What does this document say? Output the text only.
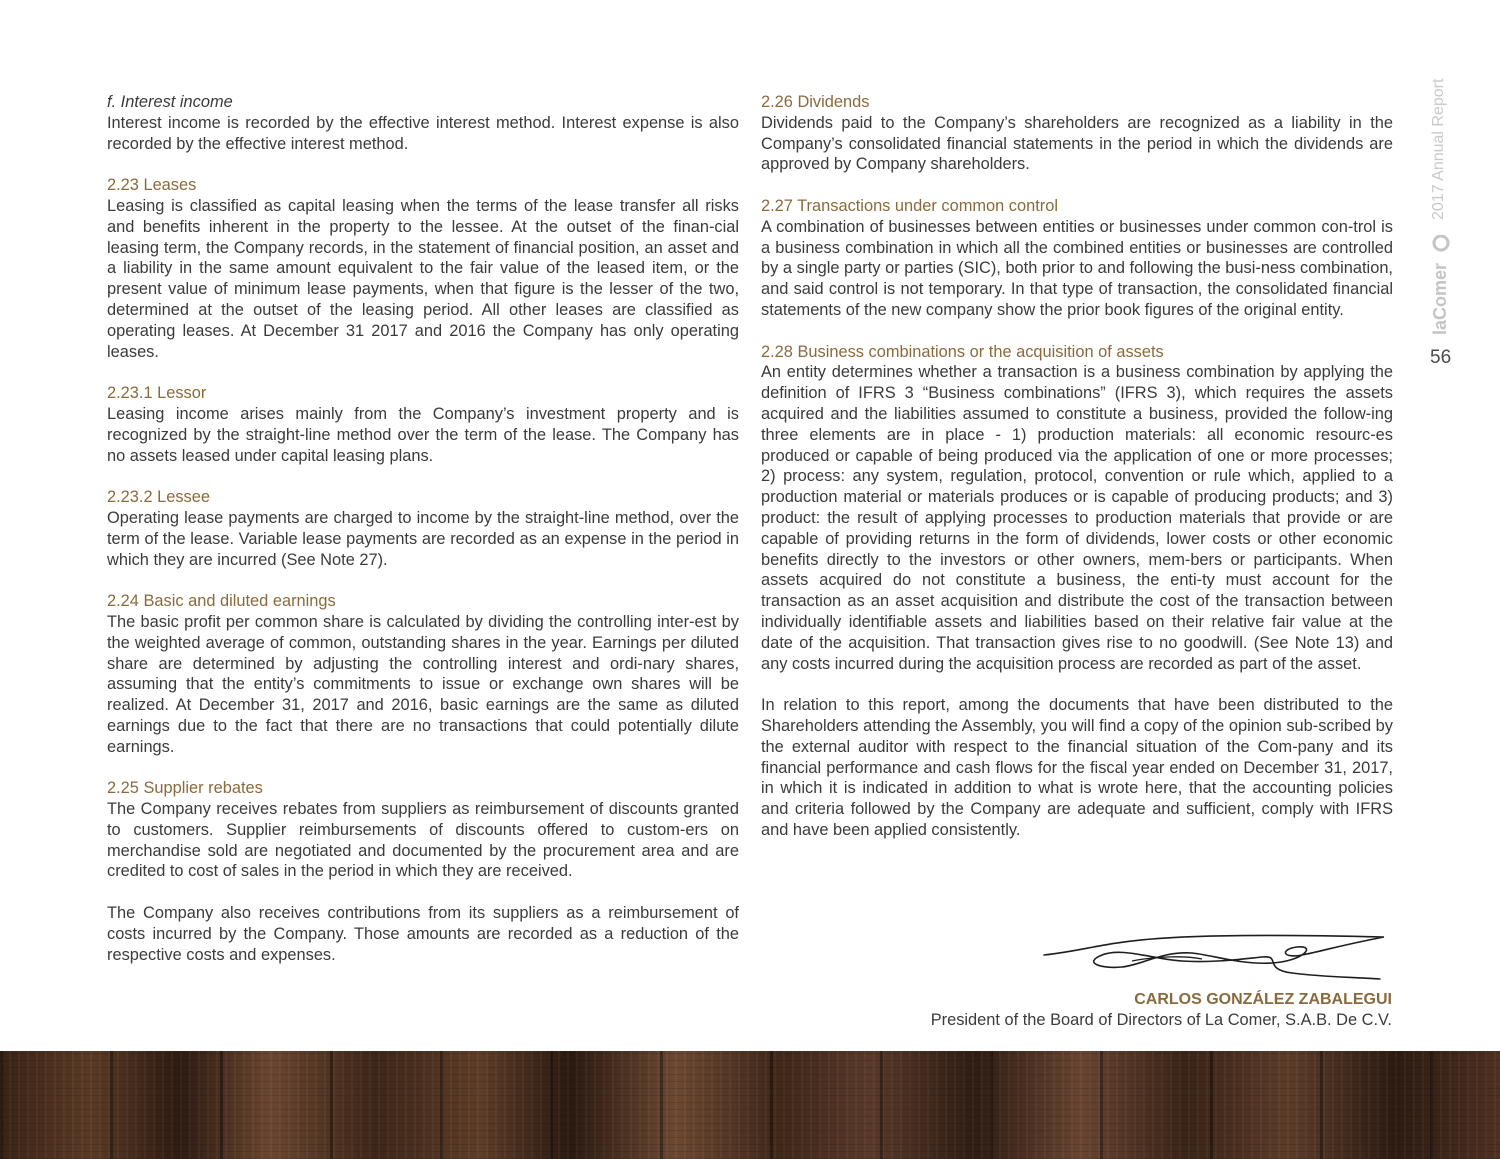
f. Interest income

Interest income is recorded by the effective interest method. Interest expense is also recorded by the effective interest method.

2.23 Leases

Leasing is classified as capital leasing when the terms of the lease transfer all risks and benefits inherent in the property to the lessee. At the outset of the finan-cial leasing term, the Company records, in the statement of financial position, an asset and a liability in the same amount equivalent to the fair value of the leased item, or the present value of minimum lease payments, when that figure is the lesser of the two, determined at the outset of the leasing period. All other leases are classified as operating leases. At December 31 2017 and 2016 the Company has only operating leases.

2.23.1 Lessor

Leasing income arises mainly from the Company’s investment property and is recognized by the straight-line method over the term of the lease. The Company has no assets leased under capital leasing plans.

2.23.2 Lessee

Operating lease payments are charged to income by the straight-line method, over the term of the lease. Variable lease payments are recorded as an expense in the period in which they are incurred (See Note 27).

2.24 Basic and diluted earnings

The basic profit per common share is calculated by dividing the controlling inter-est by the weighted average of common, outstanding shares in the year. Earnings per diluted share are determined by adjusting the controlling interest and ordi-nary shares, assuming that the entity’s commitments to issue or exchange own shares will be realized. At December 31, 2017 and 2016, basic earnings are the same as diluted earnings due to the fact that there are no transactions that could potentially dilute earnings.

2.25 Supplier rebates

The Company receives rebates from suppliers as reimbursement of discounts granted to customers. Supplier reimbursements of discounts offered to custom-ers on merchandise sold are negotiated and documented by the procurement area and are credited to cost of sales in the period in which they are received.

The Company also receives contributions from its suppliers as a reimbursement of costs incurred by the Company. Those amounts are recorded as a reduction of the respective costs and expenses.

2.26 Dividends

Dividends paid to the Company’s shareholders are recognized as a liability in the Company’s consolidated financial statements in the period in which the dividends are approved by Company shareholders.

2.27 Transactions under common control

A combination of businesses between entities or businesses under common con-trol is a business combination in which all the combined entities or businesses are controlled by a single party or parties (SIC), both prior to and following the busi-ness combination, and said control is not temporary. In that type of transaction, the consolidated financial statements of the new company show the prior book figures of the original entity.

2.28 Business combinations or the acquisition of assets

An entity determines whether a transaction is a business combination by applying the definition of IFRS 3 “Business combinations” (IFRS 3), which requires the assets acquired and the liabilities assumed to constitute a business, provided the follow-ing three elements are in place - 1) production materials: all economic resourc-es produced or capable of being produced via the application of one or more processes; 2) process: any system, regulation, protocol, convention or rule which, applied to a production material or materials produces or is capable of producing products; and 3) product: the result of applying processes to production materials that provide or are capable of providing returns in the form of dividends, lower costs or other economic benefits directly to the investors or other owners, mem-bers or participants. When assets acquired do not constitute a business, the enti-ty must account for the transaction as an asset acquisition and distribute the cost of the transaction between individually identifiable assets and liabilities based on their relative fair value at the date of the acquisition. That transaction gives rise to no goodwill. (See Note 13) and any costs incurred during the acquisition process are recorded as part of the asset.

In relation to this report, among the documents that have been distributed to the Shareholders attending the Assembly, you will find a copy of the opinion sub-scribed by the external auditor with respect to the financial situation of the Com-pany and its financial performance and cash flows for the fiscal year ended on December 31, 2017, in which it is indicated in addition to what is wrote here, that the accounting policies and criteria followed by the Company are adequate and sufficient, comply with IFRS and have been applied consistently.

2017 Annual Report
laComer
56
CARLOS GONZÁLEZ ZABALEGUI
President of the Board of Directors of La Comer, S.A.B. De C.V.
